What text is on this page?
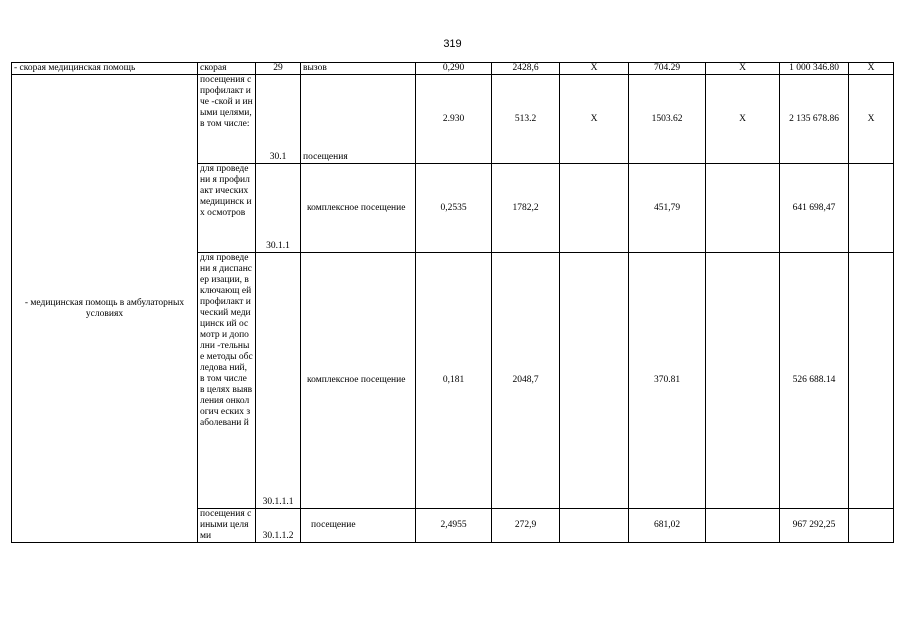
319
- скорая медицинская помощь	скорая	29	вызов	0,290	2428,6	Х	704.29	Х	1 000 346.80	Х
- медицинская помощь в амбулаторных условиях	посещения с профилакт иче -ской и иными целями, в том числе:	30.1	посещения	2.930	513.2	Х	1503.62	Х	2 135 678.86	Х
	для проведени я профилакт ических медицинск их осмотров	30.1.1	комплексное посещение	0,2535	1782,2		451,79		641 698,47	
	для проведени я диспансер изации, включающ ей профилакт ический медицинск ий осмотр и дополни -тельные методы обследова ний, в том числе в целях выявления онкологич еских заболевани й	30.1.1.1	комплексное посещение	0,181	2048,7		370.81		526 688.14	
	посещения с иными целями	30.1.1.2	посещение	2,4955	272,9		681,02		967 292,25	
